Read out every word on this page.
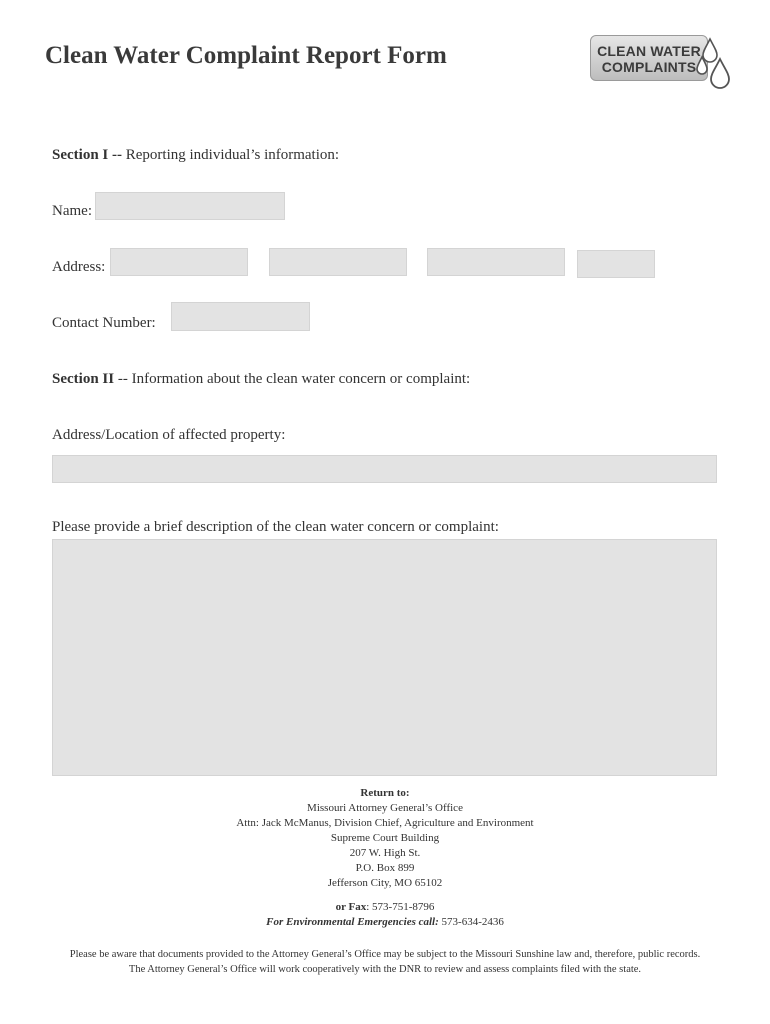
Clean Water Complaint Report Form	CLEAN WATER
COMPLAINTS
Section I -- Reporting individual’s information:
Name:
Address:
Contact Number:
Section II -- Information about the clean water concern or complaint:
Address/Location of affected property:
Please provide a brief description of the clean water concern or complaint:
Return to:
Missouri Attorney General’s Office
Attn: Jack McManus, Division Chief, Agriculture and Environment
Supreme Court Building
207 W. High St.
P.O. Box 899
Jefferson City, MO 65102
or Fax: 573-751-8796
For Environmental Emergencies call: 573-634-2436
Please be aware that documents provided to the Attorney General’s Office may be subject to the Missouri Sunshine law and, therefore, public records.
The Attorney General’s Office will work cooperatively with the DNR to review and assess complaints filed with the state.
